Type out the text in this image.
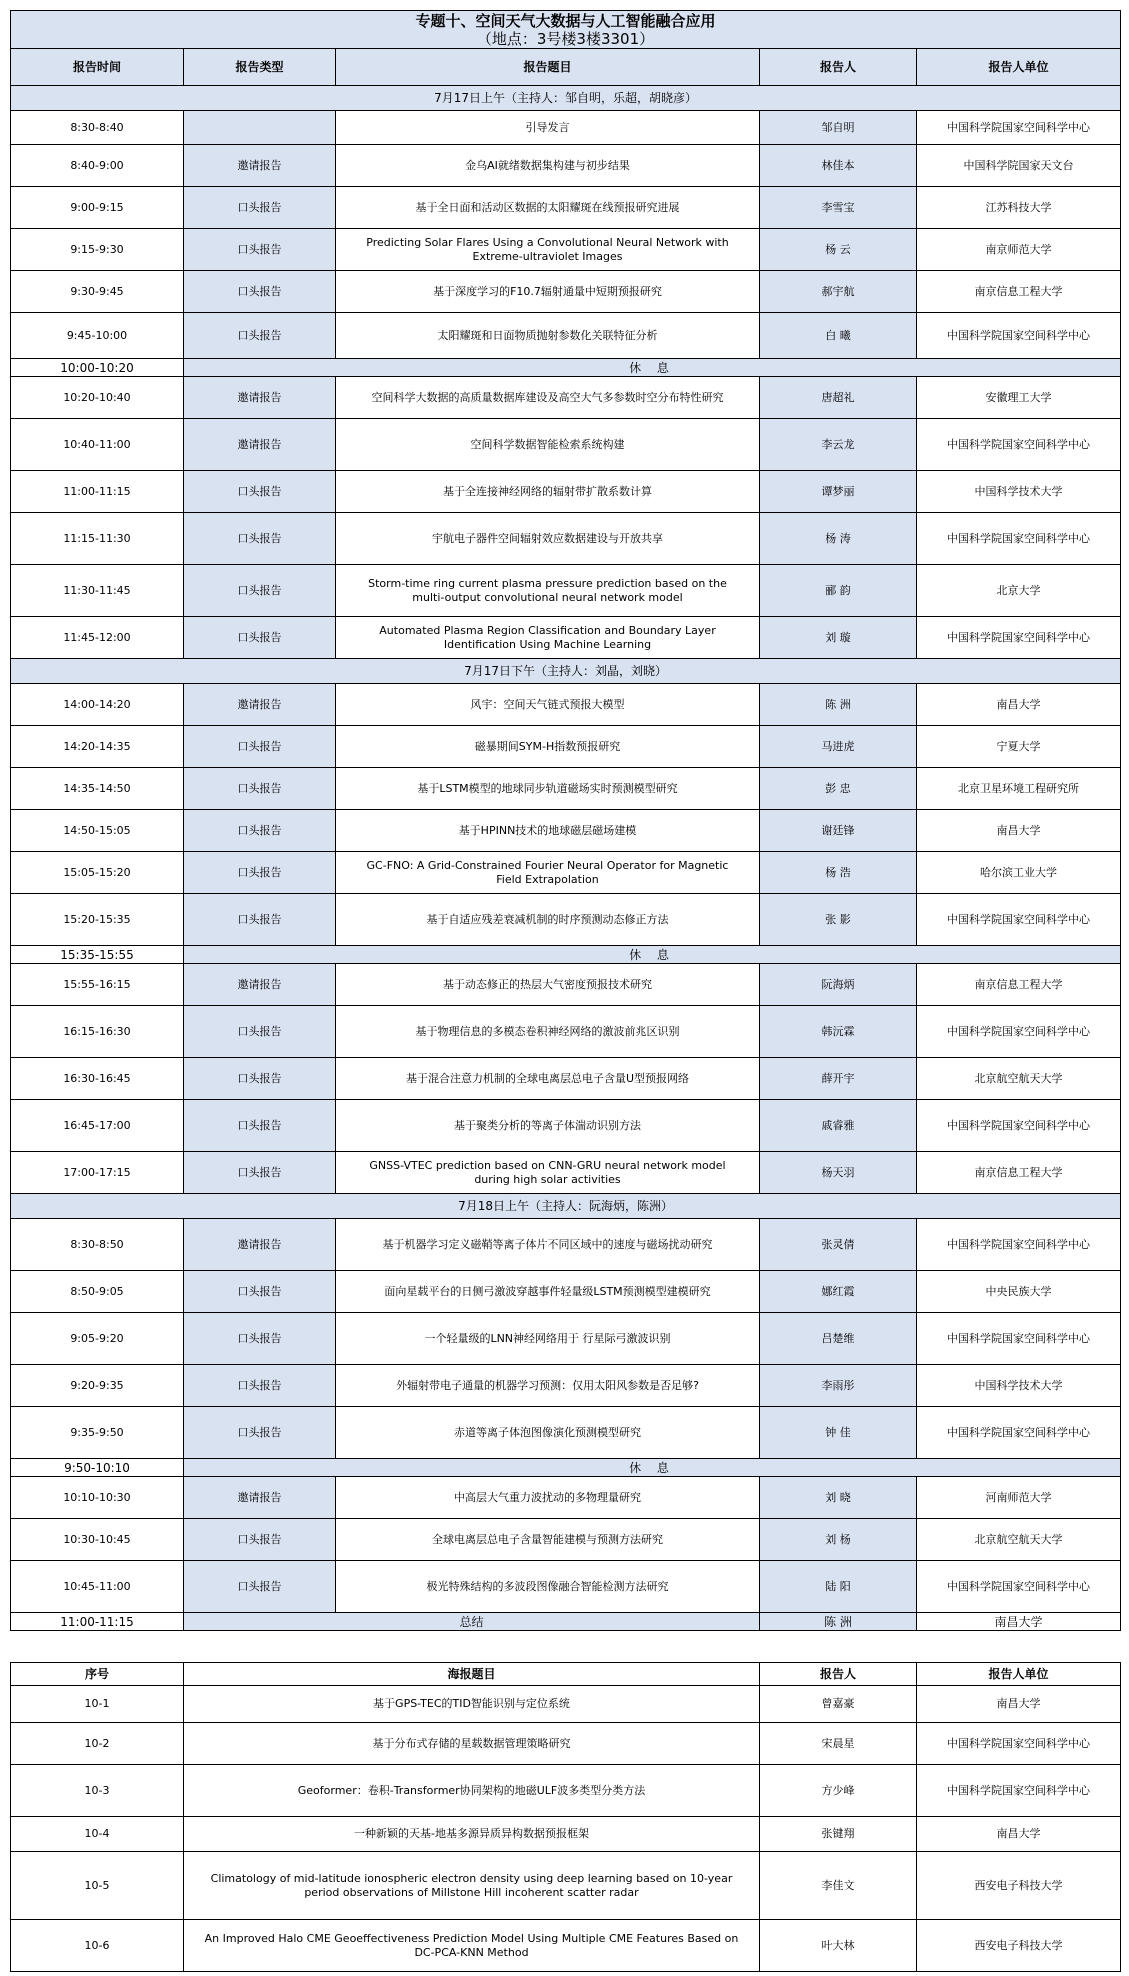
专题十、空间天气大数据与人工智能融合应用
（地点：3号楼3楼3301）				

报告时间	报告类型	报告题目	报告人	报告人单位
7月17日上午（主持人：邹自明，乐超，胡晓彦）				
8:30-8:40		引导发言	邹自明	中国科学院国家空间科学中心
8:40-9:00	邀请报告	金乌AI就绪数据集构建与初步结果	林佳本	中国科学院国家天文台
9:00-9:15	口头报告	基于全日面和活动区数据的太阳耀斑在线预报研究进展	李雪宝	江苏科技大学
9:15-9:30	口头报告	Predicting Solar Flares Using a Convolutional Neural Network with Extreme-ultraviolet Images	杨 云	南京师范大学
9:30-9:45	口头报告	基于深度学习的F10.7辐射通量中短期预报研究	郝宇航	南京信息工程大学
9:45-10:00	口头报告	太阳耀斑和日面物质抛射参数化关联特征分析	白 曦	中国科学院国家空间科学中心
10:00-10:20	休 息			
10:20-10:40	邀请报告	空间科学大数据的高质量数据库建设及高空大气多参数时空分布特性研究	唐超礼	安徽理工大学
10:40-11:00	邀请报告	空间科学数据智能检索系统构建	李云龙	中国科学院国家空间科学中心
11:00-11:15	口头报告	基于全连接神经网络的辐射带扩散系数计算	谭梦丽	中国科学技术大学
11:15-11:30	口头报告	宇航电子器件空间辐射效应数据建设与开放共享	杨 涛	中国科学院国家空间科学中心
11:30-11:45	口头报告	Storm-time ring current plasma pressure prediction based on the multi-output convolutional neural network model	郦 韵	北京大学
11:45-12:00	口头报告	Automated Plasma Region Classification and Boundary Layer Identification Using Machine Learning	刘 璇	中国科学院国家空间科学中心
7月17日下午（主持人：刘晶，刘晓）				
14:00-14:20	邀请报告	风宇：空间天气链式预报大模型	陈 洲	南昌大学
14:20-14:35	口头报告	磁暴期间SYM-H指数预报研究	马进虎	宁夏大学
14:35-14:50	口头报告	基于LSTM模型的地球同步轨道磁场实时预测模型研究	彭 忠	北京卫星环境工程研究所
14:50-15:05	口头报告	基于HPINN技术的地球磁层磁场建模	谢廷锋	南昌大学
15:05-15:20	口头报告	GC-FNO: A Grid-Constrained Fourier Neural Operator for Magnetic Field Extrapolation	杨 浩	哈尔滨工业大学
15:20-15:35	口头报告	基于自适应残差衰减机制的时序预测动态修正方法	张 影	中国科学院国家空间科学中心
15:35-15:55	休 息			
15:55-16:15	邀请报告	基于动态修正的热层大气密度预报技术研究	阮海炳	南京信息工程大学
16:15-16:30	口头报告	基于物理信息的多模态卷积神经网络的激波前兆区识别	韩沅霖	中国科学院国家空间科学中心
16:30-16:45	口头报告	基于混合注意力机制的全球电离层总电子含量U型预报网络	薛开宇	北京航空航天大学
16:45-17:00	口头报告	基于聚类分析的等离子体湍动识别方法	戚睿雅	中国科学院国家空间科学中心
17:00-17:15	口头报告	GNSS-VTEC prediction based on CNN-GRU neural network model during high solar activities	杨天羽	南京信息工程大学
7月18日上午（主持人：阮海炳，陈洲）				
8:30-8:50	邀请报告	基于机器学习定义磁鞘等离子体片不同区域中的速度与磁场扰动研究	张灵倩	中国科学院国家空间科学中心
8:50-9:05	口头报告	面向星载平台的日侧弓激波穿越事件轻量级LSTM预测模型建模研究	娜红霞	中央民族大学
9:05-9:20	口头报告	一个轻量级的LNN神经网络用于 行星际弓激波识别	吕楚维	中国科学院国家空间科学中心
9:20-9:35	口头报告	外辐射带电子通量的机器学习预测：仅用太阳风参数是否足够?	李雨彤	中国科学技术大学
9:35-9:50	口头报告	赤道等离子体泡图像演化预测模型研究	钟 佳	中国科学院国家空间科学中心
9:50-10:10	休 息			
10:10-10:30	邀请报告	中高层大气重力波扰动的多物理量研究	刘 晓	河南师范大学
10:30-10:45	口头报告	全球电离层总电子含量智能建模与预测方法研究	刘 杨	北京航空航天大学
10:45-11:00	口头报告	极光特殊结构的多波段图像融合智能检测方法研究	陆 阳	中国科学院国家空间科学中心
11:00-11:15	总结		陈 洲	南昌大学
序号	海报题目	报告人	报告人单位
10-1	基于GPS-TEC的TID智能识别与定位系统	曾嘉豪	南昌大学
10-2	基于分布式存储的星载数据管理策略研究	宋晨星	中国科学院国家空间科学中心
10-3	Geoformer：卷积-Transformer协同架构的地磁ULF波多类型分类方法	方少峰	中国科学院国家空间科学中心
10-4	一种新颖的天基-地基多源异质异构数据预报框架	张键翔	南昌大学
10-5	Climatology of mid-latitude ionospheric electron density using deep learning based on 10-year period observations of Millstone Hill incoherent scatter radar	李佳文	西安电子科技大学
10-6	An Improved Halo CME Geoeffectiveness Prediction Model Using Multiple CME Features Based on DC-PCA-KNN Method	叶大林	西安电子科技大学
